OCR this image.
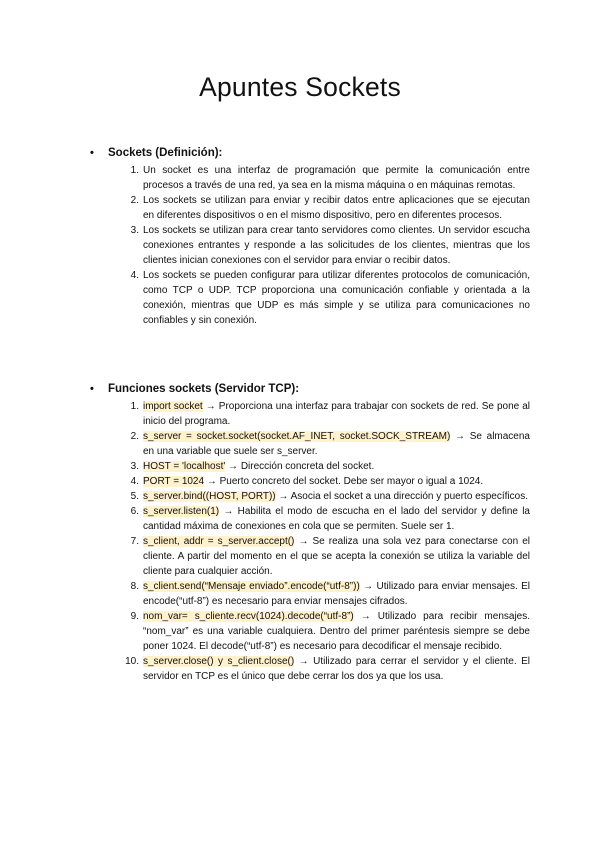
Apuntes Sockets

• Sockets (Definición):

1. Un socket es una interfaz de programación que permite la comunicación entre procesos a través de una red, ya sea en la misma máquina o en máquinas remotas.
2. Los sockets se utilizan para enviar y recibir datos entre aplicaciones que se ejecutan en diferentes dispositivos o en el mismo dispositivo, pero en diferentes procesos.
3. Los sockets se utilizan para crear tanto servidores como clientes. Un servidor escucha conexiones entrantes y responde a las solicitudes de los clientes, mientras que los clientes inician conexiones con el servidor para enviar o recibir datos.
4. Los sockets se pueden configurar para utilizar diferentes protocolos de comunicación, como TCP o UDP. TCP proporciona una comunicación confiable y orientada a la conexión, mientras que UDP es más simple y se utiliza para comunicaciones no confiables y sin conexión.

• Funciones sockets (Servidor TCP):

1. import socket → Proporciona una interfaz para trabajar con sockets de red. Se pone al inicio del programa.
2. s_server = socket.socket(socket.AF_INET, socket.SOCK_STREAM) → Se almacena en una variable que suele ser s_server.
3. HOST = 'localhost' → Dirección concreta del socket.
4. PORT = 1024 → Puerto concreto del socket. Debe ser mayor o igual a 1024.
5. s_server.bind((HOST, PORT)) → Asocia el socket a una dirección y puerto específicos.
6. s_server.listen(1) → Habilita el modo de escucha en el lado del servidor y define la cantidad máxima de conexiones en cola que se permiten. Suele ser 1.
7. s_client, addr = s_server.accept() → Se realiza una sola vez para conectarse con el cliente. A partir del momento en el que se acepta la conexión se utiliza la variable del cliente para cualquier acción.
8. s_client.send(“Mensaje enviado”.encode(“utf-8”)) → Utilizado para enviar mensajes. El encode(“utf-8”) es necesario para enviar mensajes cifrados.
9. nom_var= s_cliente.recv(1024).decode(“utf-8”) → Utilizado para recibir mensajes. “nom_var” es una variable cualquiera. Dentro del primer paréntesis siempre se debe poner 1024. El decode(“utf-8”) es necesario para decodificar el mensaje recibido.
10. s_server.close() y s_client.close() → Utilizado para cerrar el servidor y el cliente. El servidor en TCP es el único que debe cerrar los dos ya que los usa.
